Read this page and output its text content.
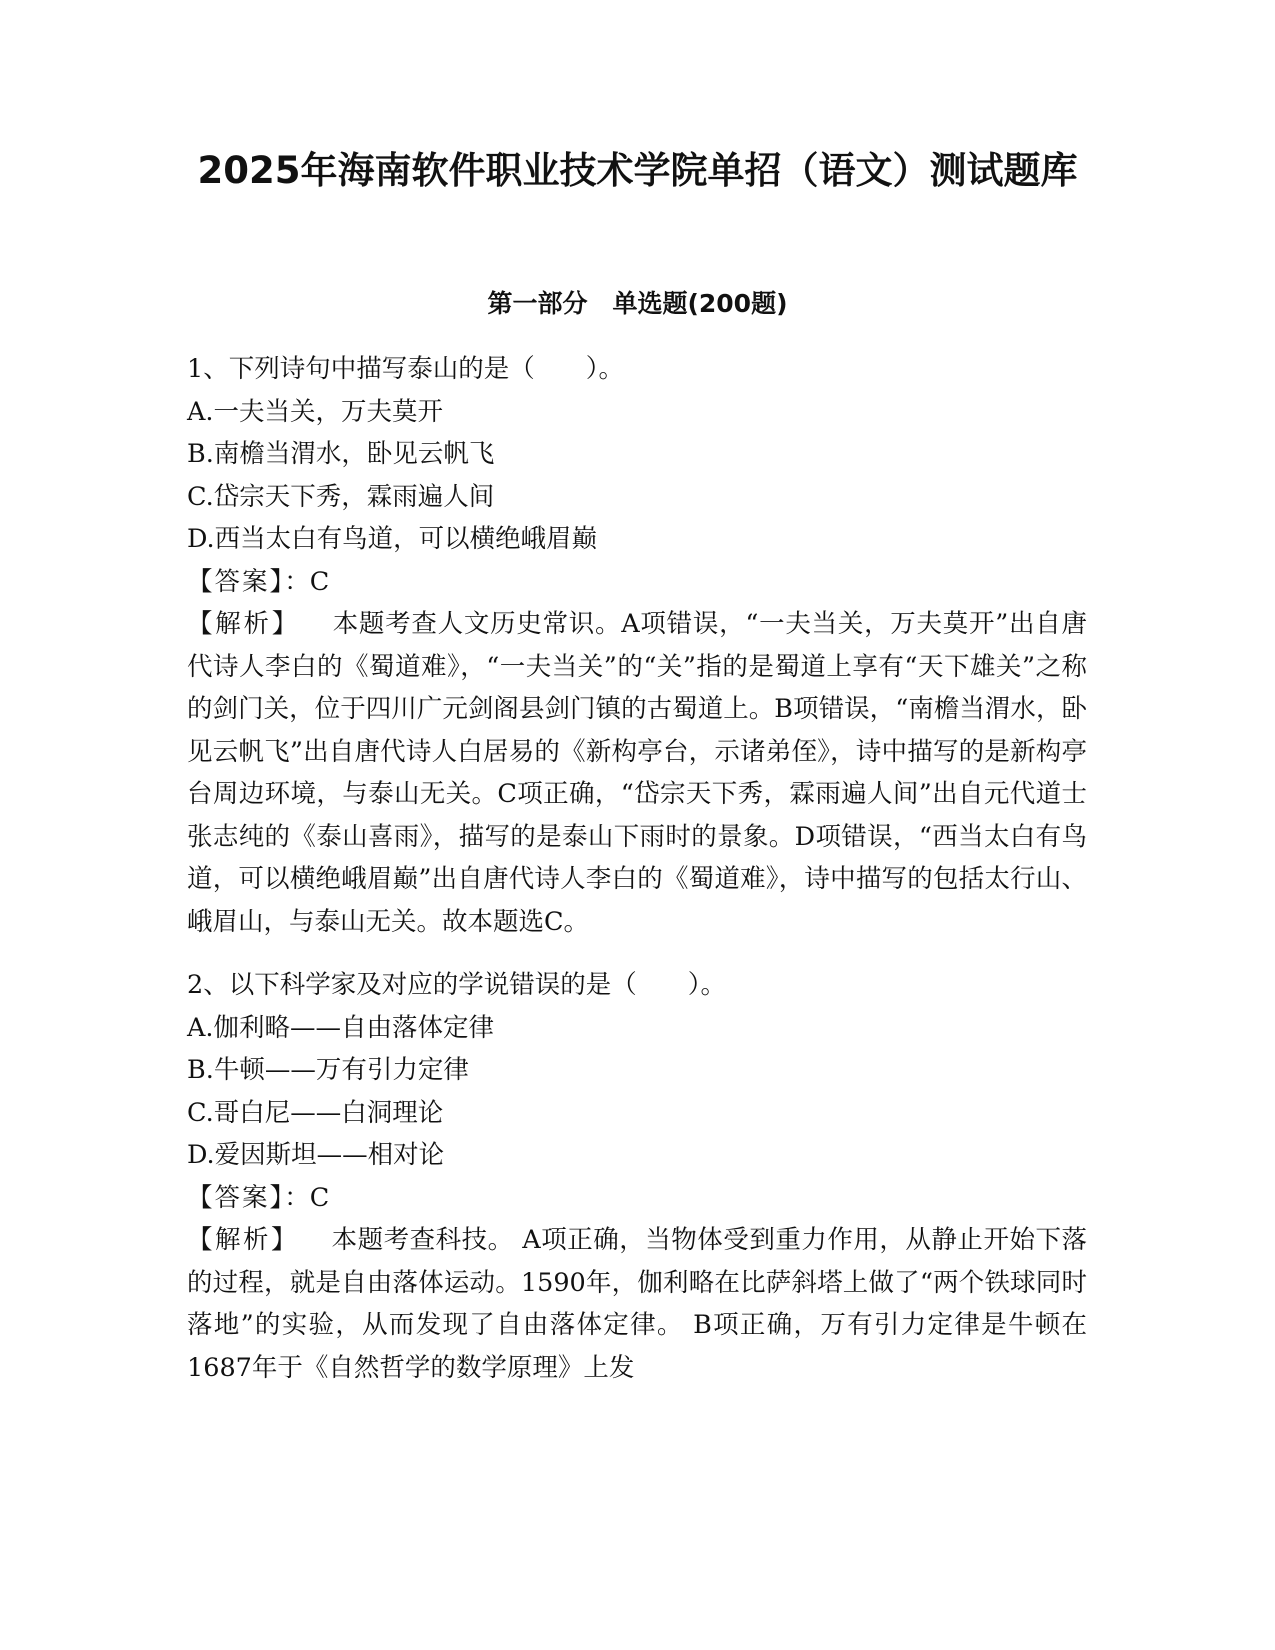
2025年海南软件职业技术学院单招（语文）测试题库
第一部分　单选题(200题)

1、下列诗句中描写泰山的是（　　）。

A.一夫当关，万夫莫开

B.南檐当渭水，卧见云帆飞

C.岱宗天下秀，霖雨遍人间

D.西当太白有鸟道，可以横绝峨眉巅

【答案】：C

【解析】 本题考查人文历史常识。A项错误，“一夫当关，万夫莫开”出自唐代诗人李白的《蜀道难》，“一夫当关”的“关”指的是蜀道上享有“天下雄关”之称的剑门关，位于四川广元剑阁县剑门镇的古蜀道上。B项错误，“南檐当渭水，卧见云帆飞”出自唐代诗人白居易的《新构亭台，示诸弟侄》，诗中描写的是新构亭台周边环境，与泰山无关。C项正确，“岱宗天下秀，霖雨遍人间”出自元代道士张志纯的《泰山喜雨》，描写的是泰山下雨时的景象。D项错误，“西当太白有鸟道，可以横绝峨眉巅”出自唐代诗人李白的《蜀道难》，诗中描写的包括太行山、峨眉山，与泰山无关。故本题选C。

2、以下科学家及对应的学说错误的是（　　）。

A.伽利略——自由落体定律

B.牛顿——万有引力定律

C.哥白尼——白洞理论

D.爱因斯坦——相对论

【答案】：C

【解析】 本题考查科技。 A项正确，当物体受到重力作用，从静止开始下落的过程，就是自由落体运动。1590年，伽利略在比萨斜塔上做了“两个铁球同时落地”的实验，从而发现了自由落体定律。 B项正确，万有引力定律是牛顿在1687年于《自然哲学的数学原理》上发
